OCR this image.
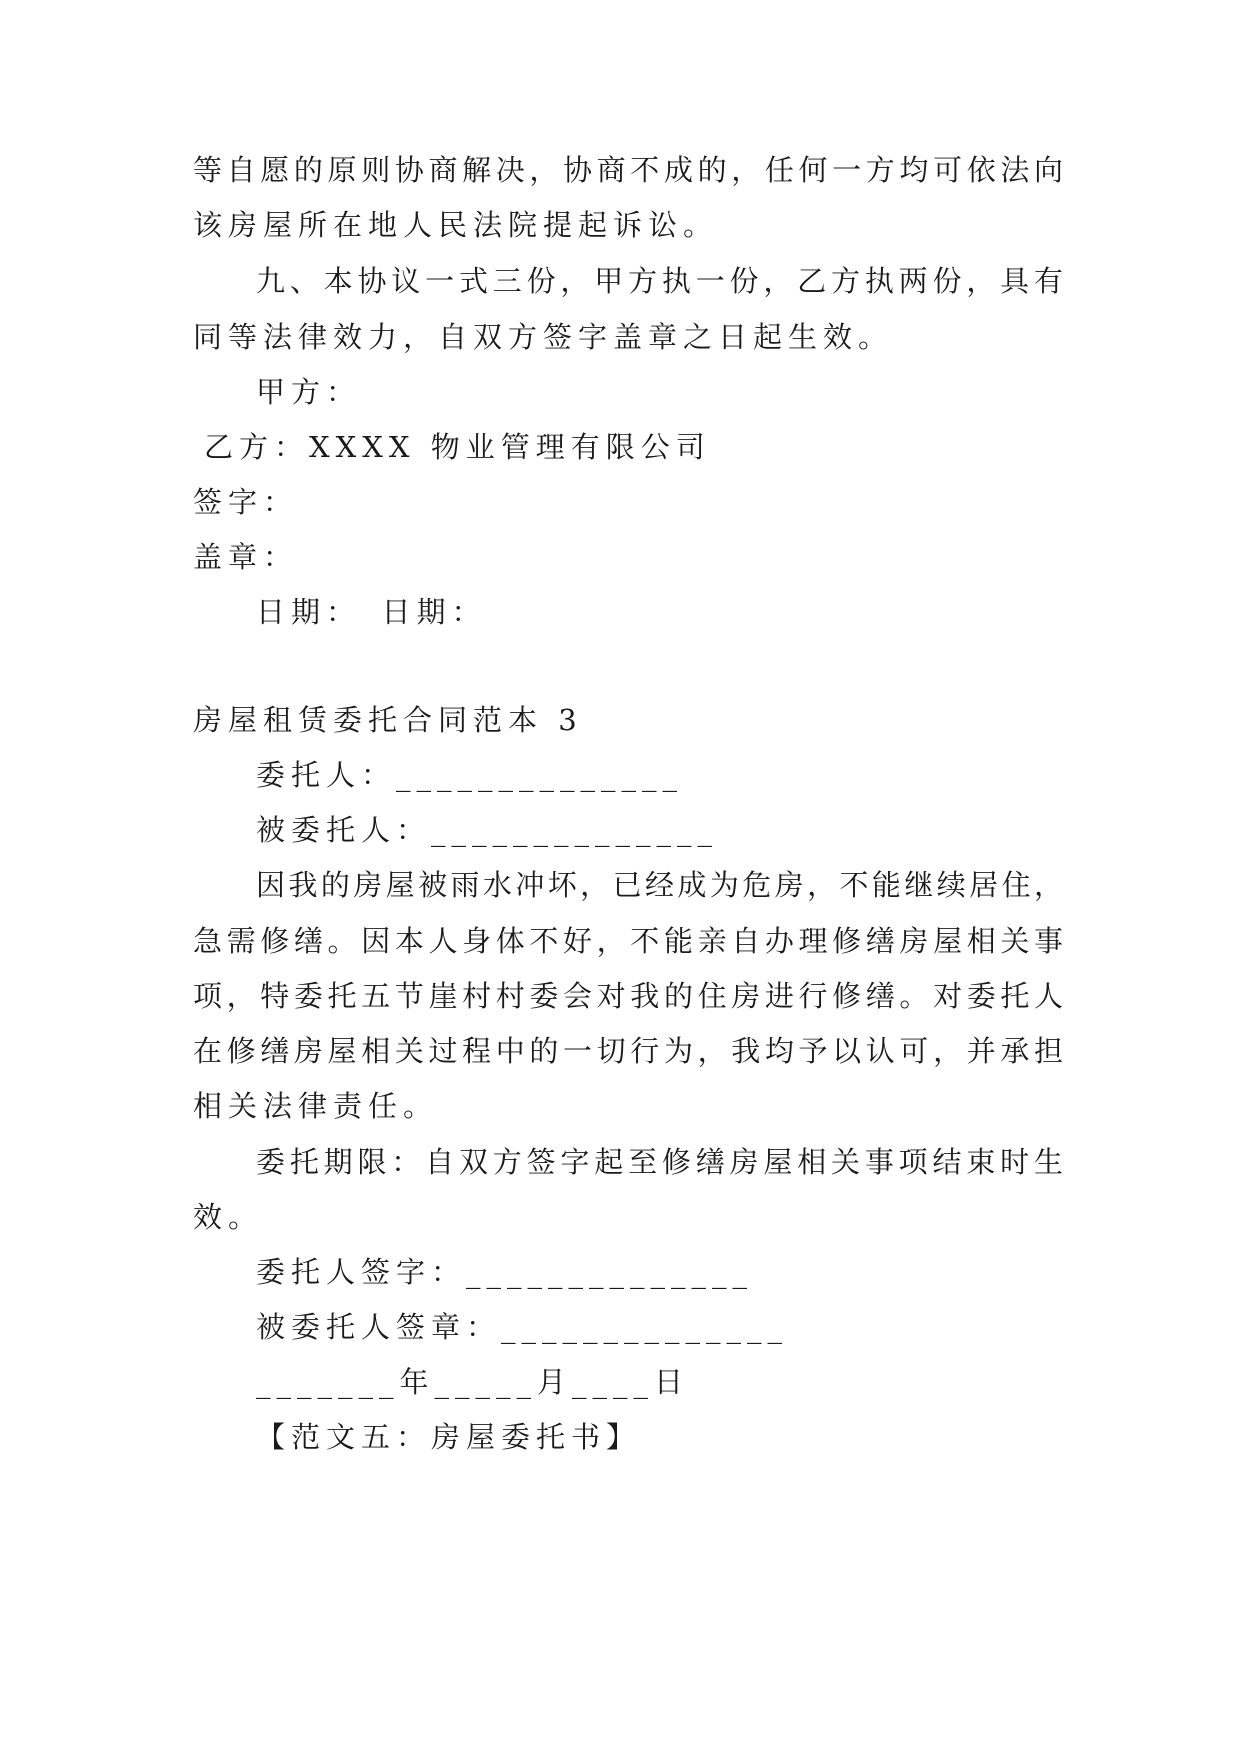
等自愿的原则协商解决，协商不成的，任何一方均可依法向
该房屋所在地人民法院提起诉讼。
九、本协议一式三份，甲方执一份，乙方执两份，具有
同等法律效力，自双方签字盖章之日起生效。
甲方：
乙方：XXXX 物业管理有限公司
签字：
盖章：
日期：　日期：
房屋租赁委托合同范本 3
委托人：______________
被委托人：______________
因我的房屋被雨水冲坏，已经成为危房，不能继续居住，
急需修缮。因本人身体不好，不能亲自办理修缮房屋相关事
项，特委托五节崖村村委会对我的住房进行修缮。对委托人
在修缮房屋相关过程中的一切行为，我均予以认可，并承担
相关法律责任。
委托期限：自双方签字起至修缮房屋相关事项结束时生
效。
委托人签字：______________
被委托人签章：______________
_______年_____月____日
【范文五：房屋委托书】
